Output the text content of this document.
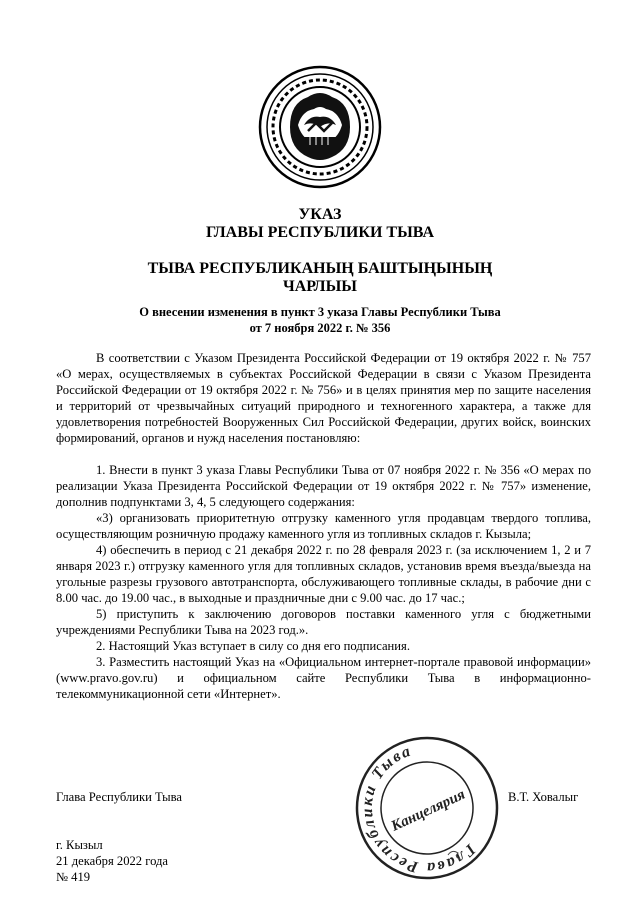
УКАЗ
ГЛАВЫ РЕСПУБЛИКИ ТЫВА
ТЫВА РЕСПУБЛИКАНЫҢ БАШТЫҢЫНЫҢ
ЧАРЛЫЫ
О внесении изменения в пункт 3 указа Главы Республики Тыва
от 7 ноября 2022 г. № 356

В соответствии с Указом Президента Российской Федерации от 19 октября 2022 г. № 757 «О мерах, осуществляемых в субъектах Российской Федерации в связи с Указом Президента Российской Федерации от 19 октября 2022 г. № 756» и в целях принятия мер по защите населения и территорий от чрезвычайных ситуаций природного и техногенного характера, а также для удовлетворения потребностей Вооруженных Сил Российской Федерации, других войск, воинских формирований, органов и нужд населения постановляю:

1. Внести в пункт 3 указа Главы Республики Тыва от 07 ноября 2022 г. № 356 «О мерах по реализации Указа Президента Российской Федерации от 19 октября 2022 г. № 757» изменение, дополнив подпунктами 3, 4, 5 следующего содержания:

«3) организовать приоритетную отгрузку каменного угля продавцам твердого топлива, осуществляющим розничную продажу каменного угля из топливных складов г. Кызыла;

4) обеспечить в период с 21 декабря 2022 г. по 28 февраля 2023 г. (за исключением 1, 2 и 7 января 2023 г.) отгрузку каменного угля для топливных складов, установив время въезда/выезда на угольные разрезы грузового автотранспорта, обслуживающего топливные склады, в рабочие дни с 8.00 час. до 19.00 час., в выходные и праздничные дни с 9.00 час. до 17 час.;

5) приступить к заключению договоров поставки каменного угля с бюджетными учреждениями Республики Тыва на 2023 год.».

2. Настоящий Указ вступает в силу со дня его подписания.

3. Разместить настоящий Указ на «Официальном интернет-портале правовой информации» (www.pravo.gov.ru) и официальном сайте Республики Тыва в информационно-телекоммуникационной сети «Интернет».

Глава Республики Тыва	В.Т. Ховалыг
Глава Республики Тыва
Канцелярия
г. Кызыл
21 декабря 2022 года
№ 419
